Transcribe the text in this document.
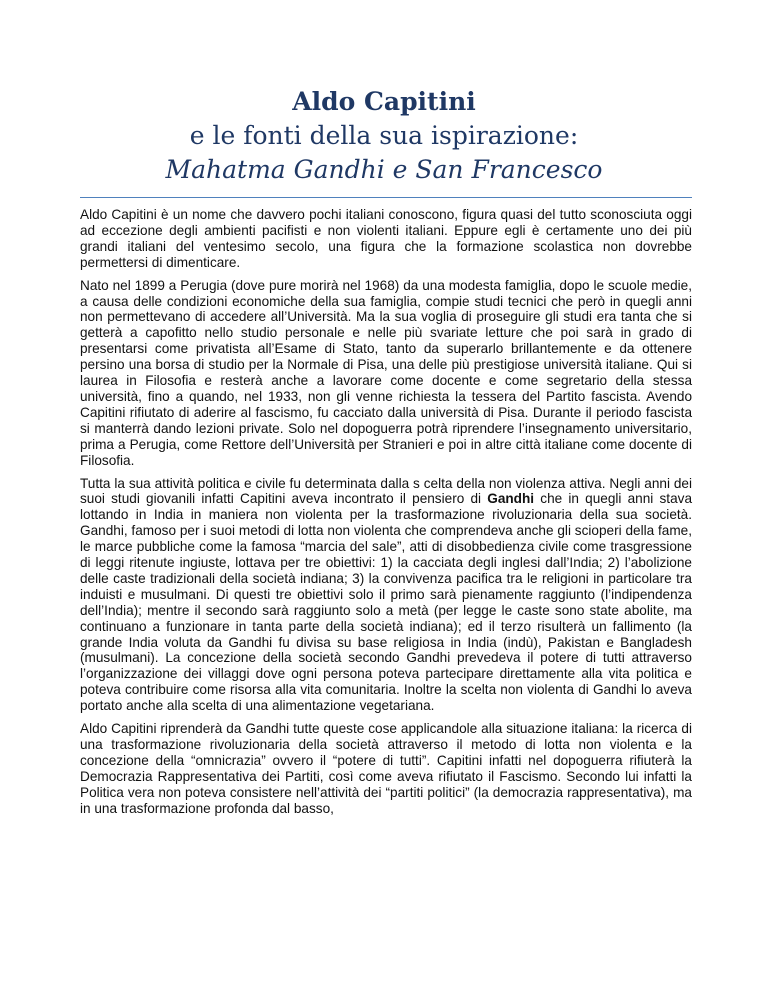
Aldo Capitini
e le fonti della sua ispirazione:
Mahatma Gandhi e San Francesco

Aldo Capitini è un nome che davvero pochi italiani conoscono, figura quasi del tutto sconosciuta oggi ad eccezione degli ambienti pacifisti e non violenti italiani. Eppure egli è certamente uno dei più grandi italiani del ventesimo secolo, una figura che la formazione scolastica non dovrebbe permettersi di dimenticare.

Nato nel 1899 a Perugia (dove pure morirà nel 1968) da una modesta famiglia, dopo le scuole medie, a causa delle condizioni economiche della sua famiglia, compie studi tecnici che però in quegli anni non permettevano di accedere all’Università. Ma la sua voglia di proseguire gli studi era tanta che si getterà a capofitto nello studio personale e nelle più svariate letture che poi sarà in grado di presentarsi come privatista all’Esame di Stato, tanto da superarlo brillantemente e da ottenere persino una borsa di studio per la Normale di Pisa, una delle più prestigiose università italiane. Qui si laurea in Filosofia e resterà anche a lavorare come docente e come segretario della stessa università, fino a quando, nel 1933, non gli venne richiesta la tessera del Partito fascista. Avendo Capitini rifiutato di aderire al fascismo, fu cacciato dalla università di Pisa. Durante il periodo fascista si manterrà dando lezioni private. Solo nel dopoguerra potrà riprendere l’insegnamento universitario, prima a Perugia, come Rettore dell’Università per Stranieri e poi in altre città italiane come docente di Filosofia.

Tutta la sua attività politica e civile fu determinata dalla s celta della non violenza attiva. Negli anni dei suoi studi giovanili infatti Capitini aveva incontrato il pensiero di Gandhi che in quegli anni stava lottando in India in maniera non violenta per la trasformazione rivoluzionaria della sua società. Gandhi, famoso per i suoi metodi di lotta non violenta che comprendeva anche gli scioperi della fame, le marce pubbliche come la famosa “marcia del sale”, atti di disobbedienza civile come trasgressione di leggi ritenute ingiuste, lottava per tre obiettivi: 1) la cacciata degli inglesi dall’India; 2) l’abolizione delle caste tradizionali della società indiana; 3) la convivenza pacifica tra le religioni in particolare tra induisti e musulmani. Di questi tre obiettivi solo il primo sarà pienamente raggiunto (l’indipendenza dell’India); mentre il secondo sarà raggiunto solo a metà (per legge le caste sono state abolite, ma continuano a funzionare in tanta parte della società indiana); ed il terzo risulterà un fallimento (la grande India voluta da Gandhi fu divisa su base religiosa in India (indù), Pakistan e Bangladesh (musulmani). La concezione della società secondo Gandhi prevedeva il potere di tutti attraverso l’organizzazione dei villaggi dove ogni persona poteva partecipare direttamente alla vita politica e poteva contribuire come risorsa alla vita comunitaria. Inoltre la scelta non violenta di Gandhi lo aveva portato anche alla scelta di una alimentazione vegetariana.

Aldo Capitini riprenderà da Gandhi tutte queste cose applicandole alla situazione italiana: la ricerca di una trasformazione rivoluzionaria della società attraverso il metodo di lotta non violenta e la concezione della “omnicrazia” ovvero il “potere di tutti”. Capitini infatti nel dopoguerra rifiuterà la Democrazia Rappresentativa dei Partiti, così come aveva rifiutato il Fascismo. Secondo lui infatti la Politica vera non poteva consistere nell’attività dei “partiti politici” (la democrazia rappresentativa), ma in una trasformazione profonda dal basso,
